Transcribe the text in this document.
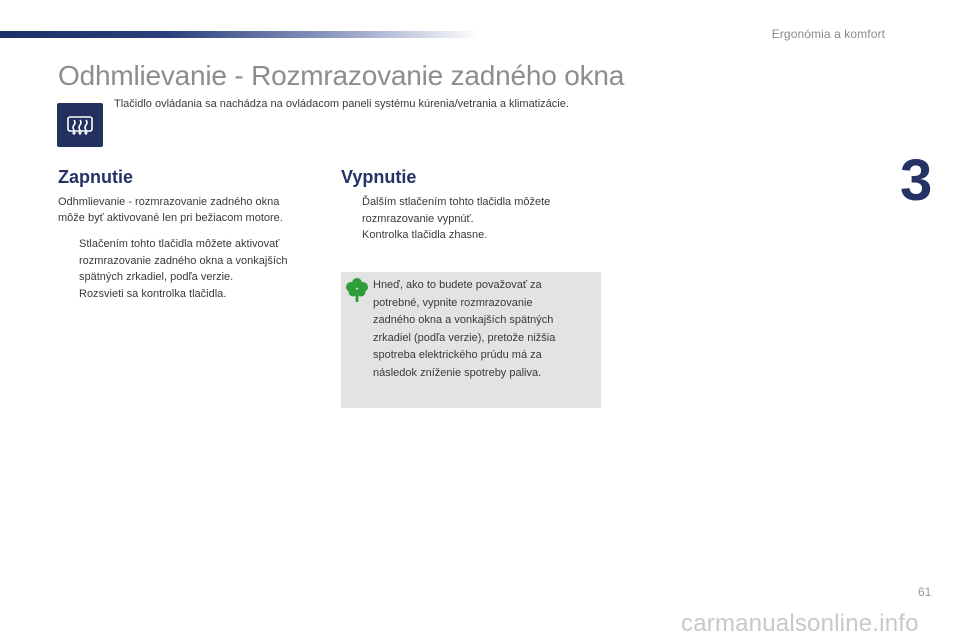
Ergonómia a komfort
Odhmlievanie - Rozmrazovanie zadného okna

Tlačidlo ovládania sa nachádza na ovládacom paneli systému kúrenia/vetrania a klimatizácie.

3
Zapnutie

Odhmlievanie - rozmrazovanie zadného okna
môže byť aktivované len pri bežiacom motore.

Stlačením tohto tlačidla môžete aktivovať
rozmrazovanie zadného okna a vonkajších
spätných zrkadiel, podľa verzie.
Rozsvieti sa kontrolka tlačidla.
Vypnutie
Ďalším stlačením tohto tlačidla môžete
rozmrazovanie vypnúť.
Kontrolka tlačidla zhasne.

Hneď, ako to budete považovať za
potrebné, vypnite rozmrazovanie
zadného okna a vonkajších spätných
zrkadiel (podľa verzie), pretože nižšia
spotreba elektrického prúdu má za
následok zníženie spotreby paliva.

61
carmanualsonline.info
